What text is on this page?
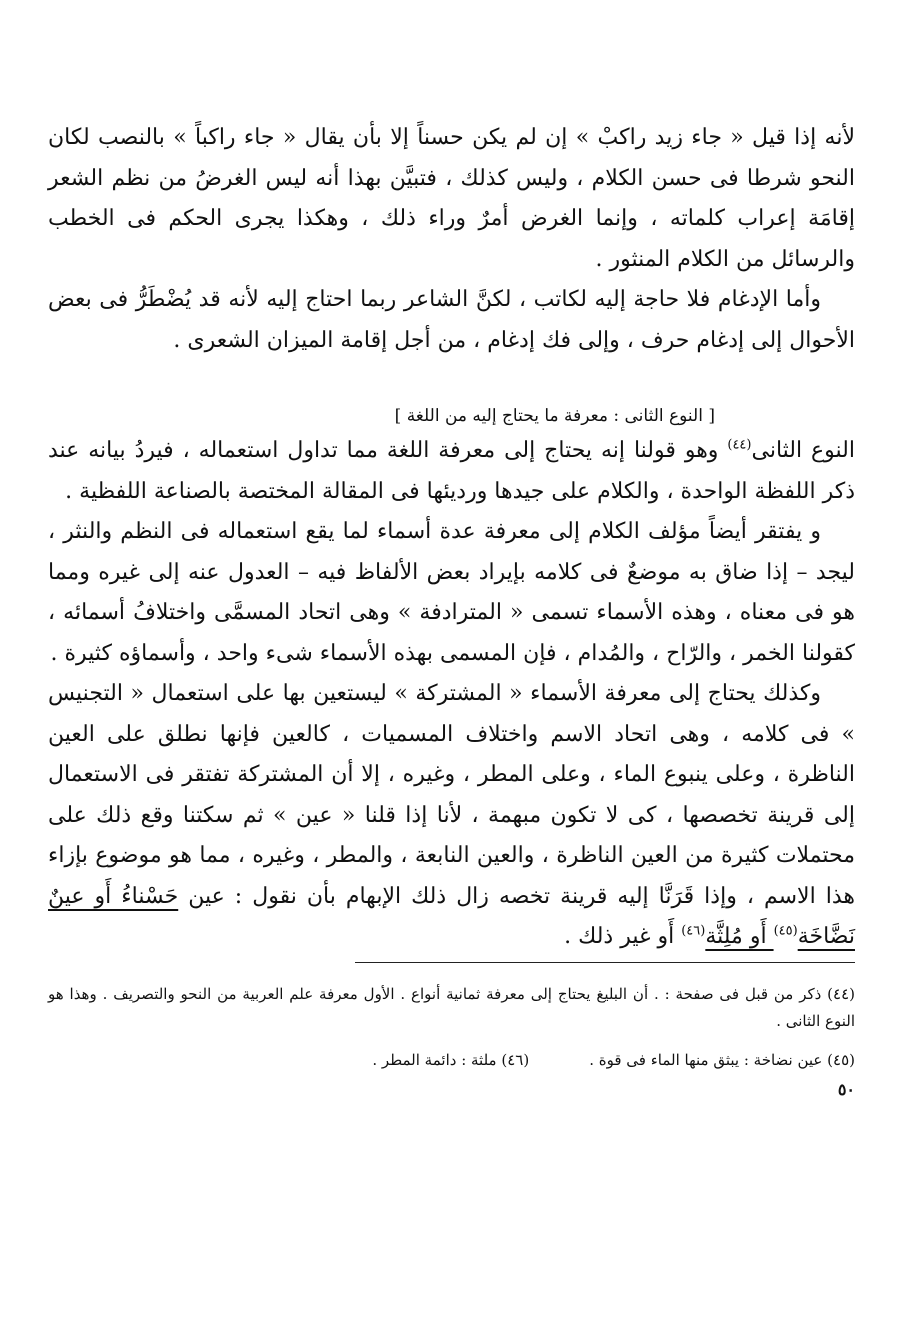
لأنه إذا قيل « جاء زيد راكبْ » إن لم يكن حسناً إلا بأن يقال « جاء راكباً » بالنصب لكان النحو شرطا فى حسن الكلام ، وليس كذلك ، فتبيَّن بهذا أنه ليس الغرضُ من نظم الشعر إقامَة إعراب كلماته ، وإنما الغرض أمرٌ وراء ذلك ، وهكذا يجرى الحكم فى الخطب والرسائل من الكلام المنثور .

وأما الإدغام فلا حاجة إليه لكاتب ، لكنَّ الشاعر ربما احتاج إليه لأنه قد يُضْطَرُّ فى بعض الأحوال إلى إدغام حرف ، وإلى فك إدغام ، من أجل إقامة الميزان الشعرى .

[ النوع الثانى : معرفة ما يحتاج إليه من اللغة ]

النوع الثانى$^{(٤٤)}$ وهو قولنا إنه يحتاج إلى معرفة اللغة مما تداول استعماله ، فيردُ بيانه عند ذكر اللفظة الواحدة ، والكلام على جيدها ورديئها فى المقالة المختصة بالصناعة اللفظية .

و يفتقر أيضاً مؤلف الكلام إلى معرفة عدة أسماء لما يقع استعماله فى النظم والنثر ، ليجد – إذا ضاق به موضعٌ فى كلامه بإيراد بعض الألفاظ فيه – العدول عنه إلى غيره ومما هو فى معناه ، وهذه الأسماء تسمى « المترادفة » وهى اتحاد المسمَّى واختلافُ أسمائه ، كقولنا الخمر ، والرّاح ، والمُدام ، فإن المسمى بهذه الأسماء شىء واحد ، وأسماؤه كثيرة .

وكذلك يحتاج إلى معرفة الأسماء « المشتركة » ليستعين بها على استعمال « التجنيس » فى كلامه ، وهى اتحاد الاسم واختلاف المسميات ، كالعين فإنها نطلق على العين الناظرة ، وعلى ينبوع الماء ، وعلى المطر ، وغيره ، إلا أن المشتركة تفتقر فى الاستعمال إلى قرينة تخصصها ، كى لا تكون مبهمة ، لأنا إذا قلنا « عين » ثم سكتنا وقع ذلك على محتملات كثيرة من العين الناظرة ، والعين النابعة ، والمطر ، وغيره ، مما هو موضوع بإزاء هذا الاسم ، وإذا قَرَنَّا إليه قرينة تخصه زال ذلك الإبهام بأن نقول : عين حَسْناءُ أَو عينٌ نَضَّاخَة$^{(٤٥)}$ أَو مُلِثَّة$^{(٤٦)}$ أَو غير ذلك .

(٤٤) ذكر من قبل فى صفحة : . أن البليغ يحتاج إلى معرفة ثمانية أنواع . الأول معرفة علم العربية من النحو والتصريف . وهذا هو النوع الثانى .

(٤٥) عين نضاخة : يبثق منها الماء فى قوة .
(٤٦) ملثة : دائمة المطر .
٥٠
